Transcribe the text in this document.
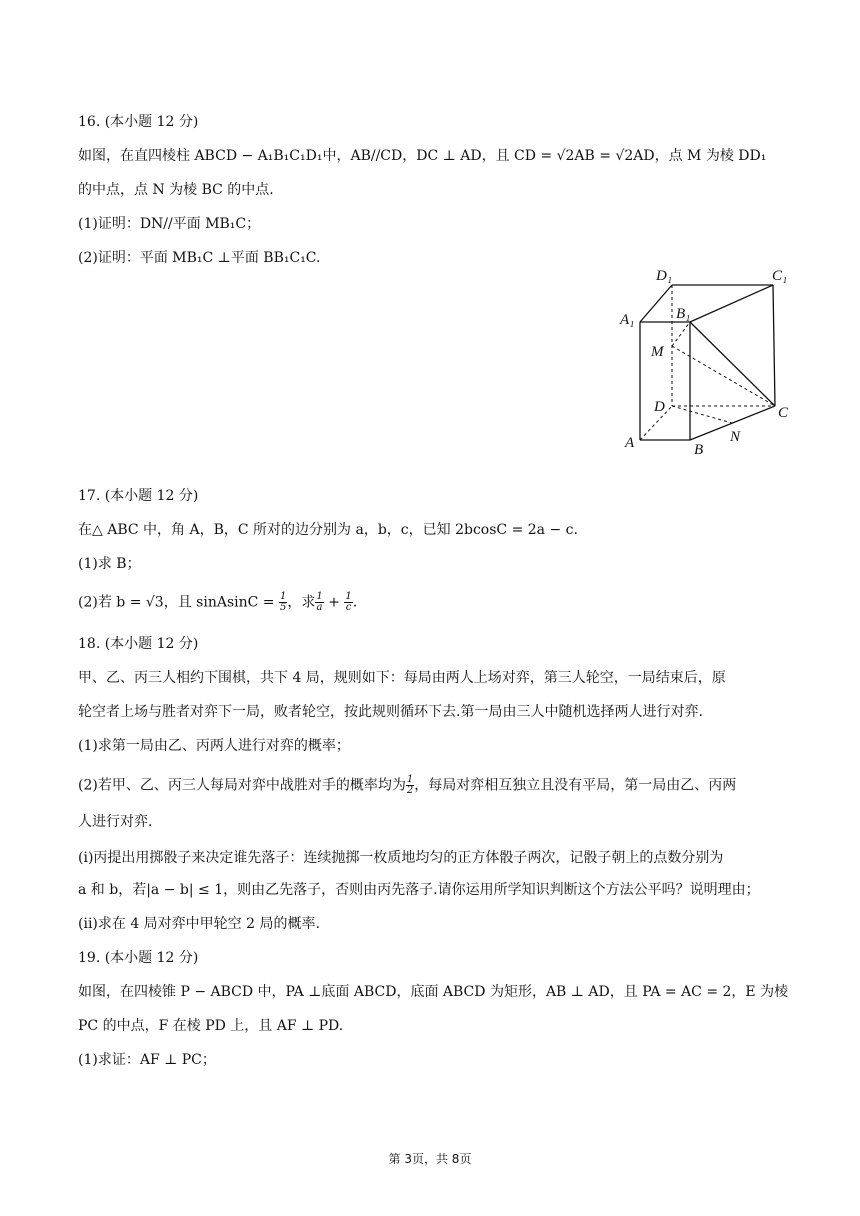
16. (本小题 12 分)
如图，在直四棱柱 ABCD − A₁B₁C₁D₁中，AB//CD，DC ⊥ AD，且 CD = √2AB = √2AD，点 M 为棱 DD₁
的中点，点 N 为棱 BC 的中点.
(1)证明：DN//平面 MB₁C；
(2)证明：平面 MB₁C ⊥平面 BB₁C₁C.
D₁	C₁
A₁	B₁
M
D	C
A	B
N
17. (本小题 12 分)
在△ ABC 中，角 A，B，C 所对的边分别为 a，b，c，已知 2bcosC = 2a − c.
(1)求 B；
(2)若 b = √3，且 sinAsinC = $\frac{1}{5}$ ，求 $\frac{1}{a} + \frac{1}{c}$ .
18. (本小题 12 分)
甲、乙、丙三人相约下围棋，共下 4 局，规则如下：每局由两人上场对弈，第三人轮空，一局结束后，原
轮空者上场与胜者对弈下一局，败者轮空，按此规则循环下去.第一局由三人中随机选择两人进行对弈.
(1)求第一局由乙、丙两人进行对弈的概率；
(2)若甲、乙、丙三人每局对弈中战胜对手的概率均为 $\frac{1}{2}$ ，每局对弈相互独立且没有平局，第一局由乙、丙两
人进行对弈.
(ⅰ)丙提出用掷骰子来决定谁先落子：连续抛掷一枚质地均匀的正方体骰子两次，记骰子朝上的点数分别为
a 和 b，若|a − b| ≤ 1，则由乙先落子，否则由丙先落子.请你运用所学知识判断这个方法公平吗？说明理由；
(ⅱ)求在 4 局对弈中甲轮空 2 局的概率.
19. (本小题 12 分)
如图，在四棱锥 P − ABCD 中，PA ⊥底面 ABCD，底面 ABCD 为矩形，AB ⊥ AD，且 PA = AC = 2，E 为棱
PC 的中点，F 在棱 PD 上，且 AF ⊥ PD.
(1)求证：AF ⊥ PC；
第 3页，共 8页
